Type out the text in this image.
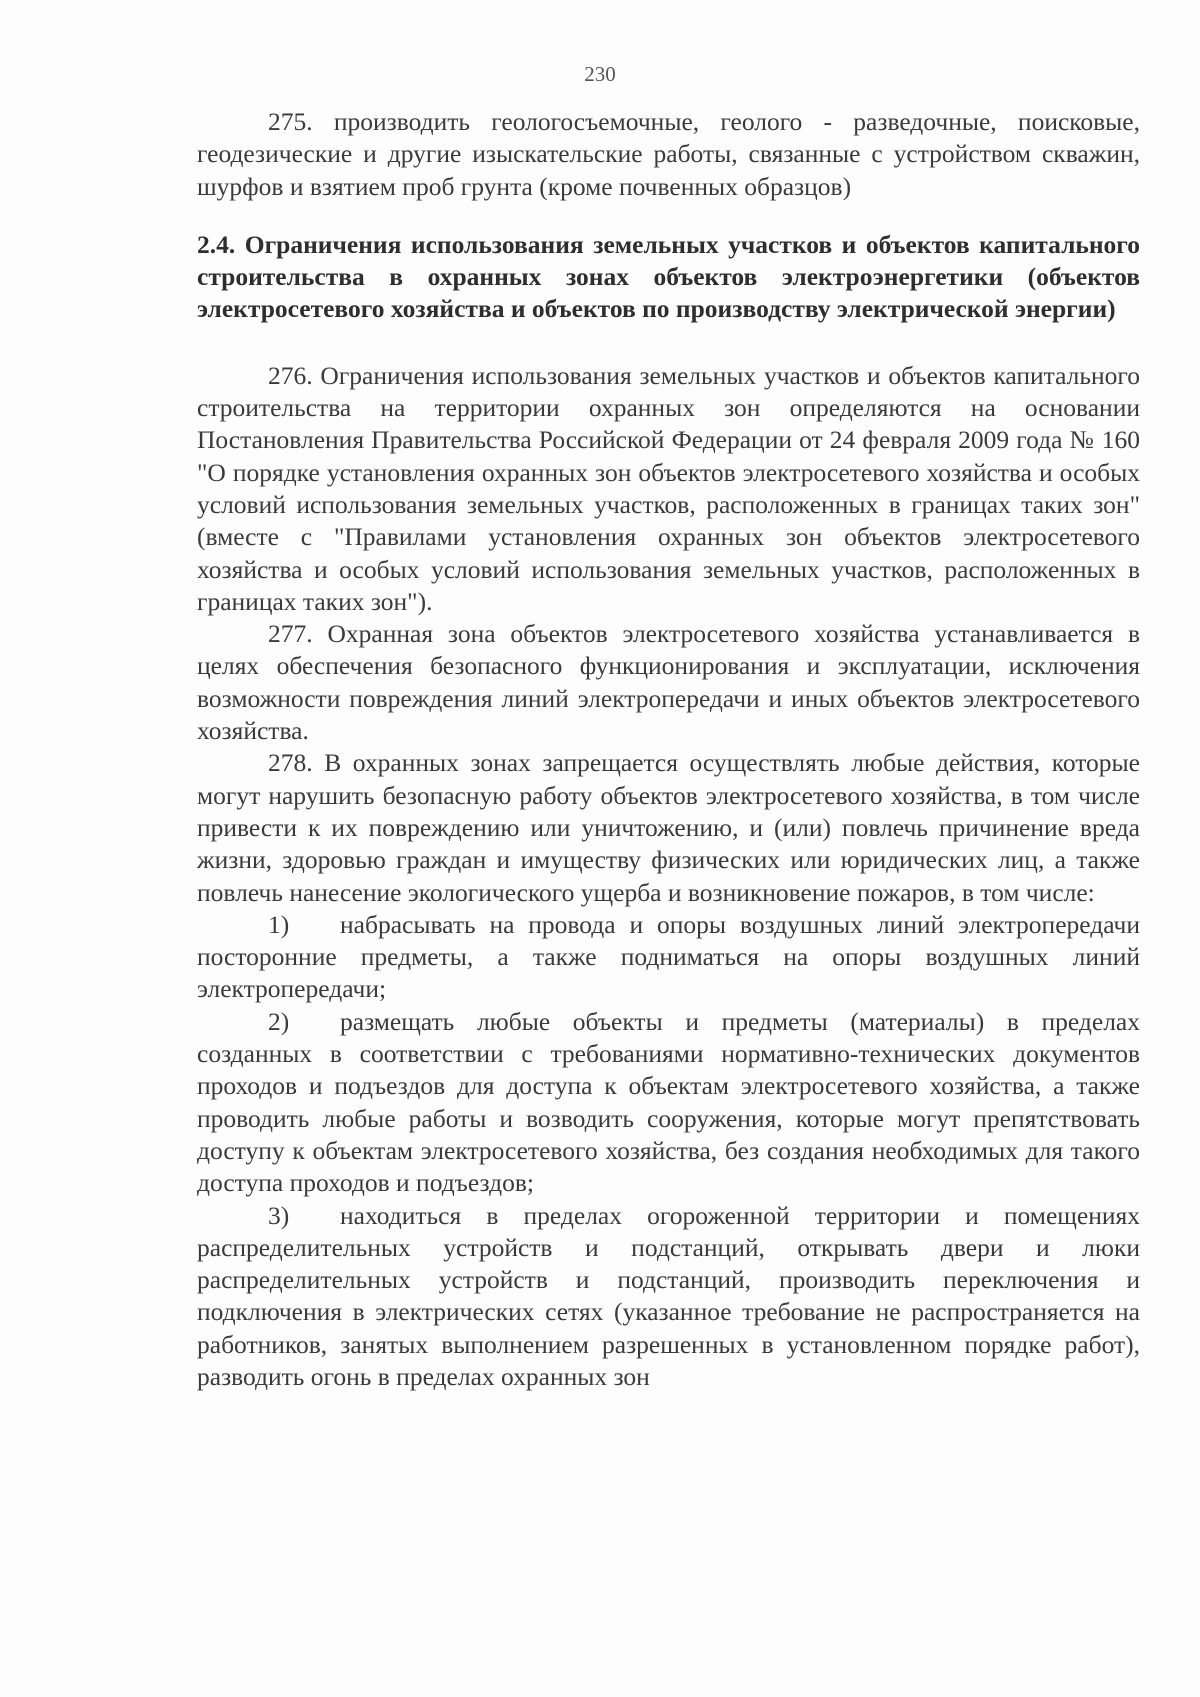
230

275. производить геологосъемочные, геолого - разведочные, поисковые, геодезические и другие изыскательские работы, связанные с устройством скважин, шурфов и взятием проб грунта (кроме почвенных образцов)

2.4. Ограничения использования земельных участков и объектов капитального строительства в охранных зонах объектов электроэнергетики (объектов электросетевого хозяйства и объектов по производству электрической энергии)

276. Ограничения использования земельных участков и объектов капитального строительства на территории охранных зон определяются на основании Постановления Правительства Российской Федерации от 24 февраля 2009 года № 160 "О порядке установления охранных зон объектов электросетевого хозяйства и особых условий использования земельных участков, расположенных в границах таких зон" (вместе с "Правилами установления охранных зон объектов электросетевого хозяйства и особых условий использования земельных участков, расположенных в границах таких зон").

277. Охранная зона объектов электросетевого хозяйства устанавливается в целях обеспечения безопасного функционирования и эксплуатации, исключения возможности повреждения линий электропередачи и иных объектов электросетевого хозяйства.

278. В охранных зонах запрещается осуществлять любые действия, которые могут нарушить безопасную работу объектов электросетевого хозяйства, в том числе привести к их повреждению или уничтожению, и (или) повлечь причинение вреда жизни, здоровью граждан и имуществу физических или юридических лиц, а также повлечь нанесение экологического ущерба и возникновение пожаров, в том числе:

1) набрасывать на провода и опоры воздушных линий электропередачи посторонние предметы, а также подниматься на опоры воздушных линий электропередачи;

2) размещать любые объекты и предметы (материалы) в пределах созданных в соответствии с требованиями нормативно-технических документов проходов и подъездов для доступа к объектам электросетевого хозяйства, а также проводить любые работы и возводить сооружения, которые могут препятствовать доступу к объектам электросетевого хозяйства, без создания необходимых для такого доступа проходов и подъездов;

3) находиться в пределах огороженной территории и помещениях распределительных устройств и подстанций, открывать двери и люки распределительных устройств и подстанций, производить переключения и подключения в электрических сетях (указанное требование не распространяется на работников, занятых выполнением разрешенных в установленном порядке работ), разводить огонь в пределах охранных зон
